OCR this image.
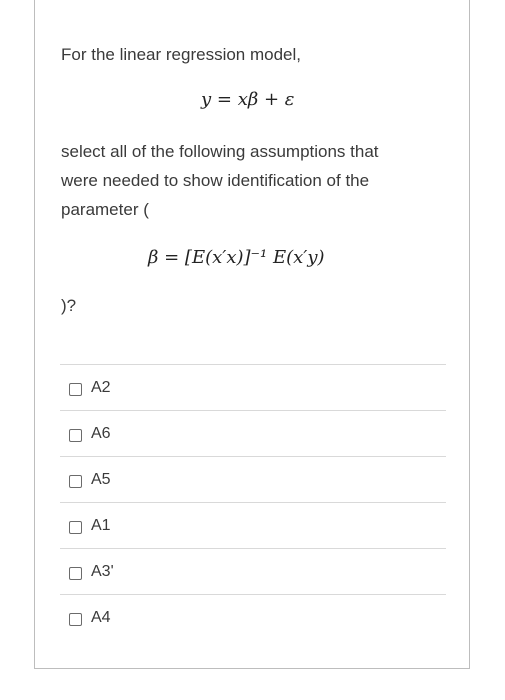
For the linear regression model,
y = xβ + ε
select all of the following assumptions that
were needed to show identification of the
parameter (
β = [E(x′x)]⁻¹ E(x′y)
)?
A2
A6
A5
A1
A3'
A4
